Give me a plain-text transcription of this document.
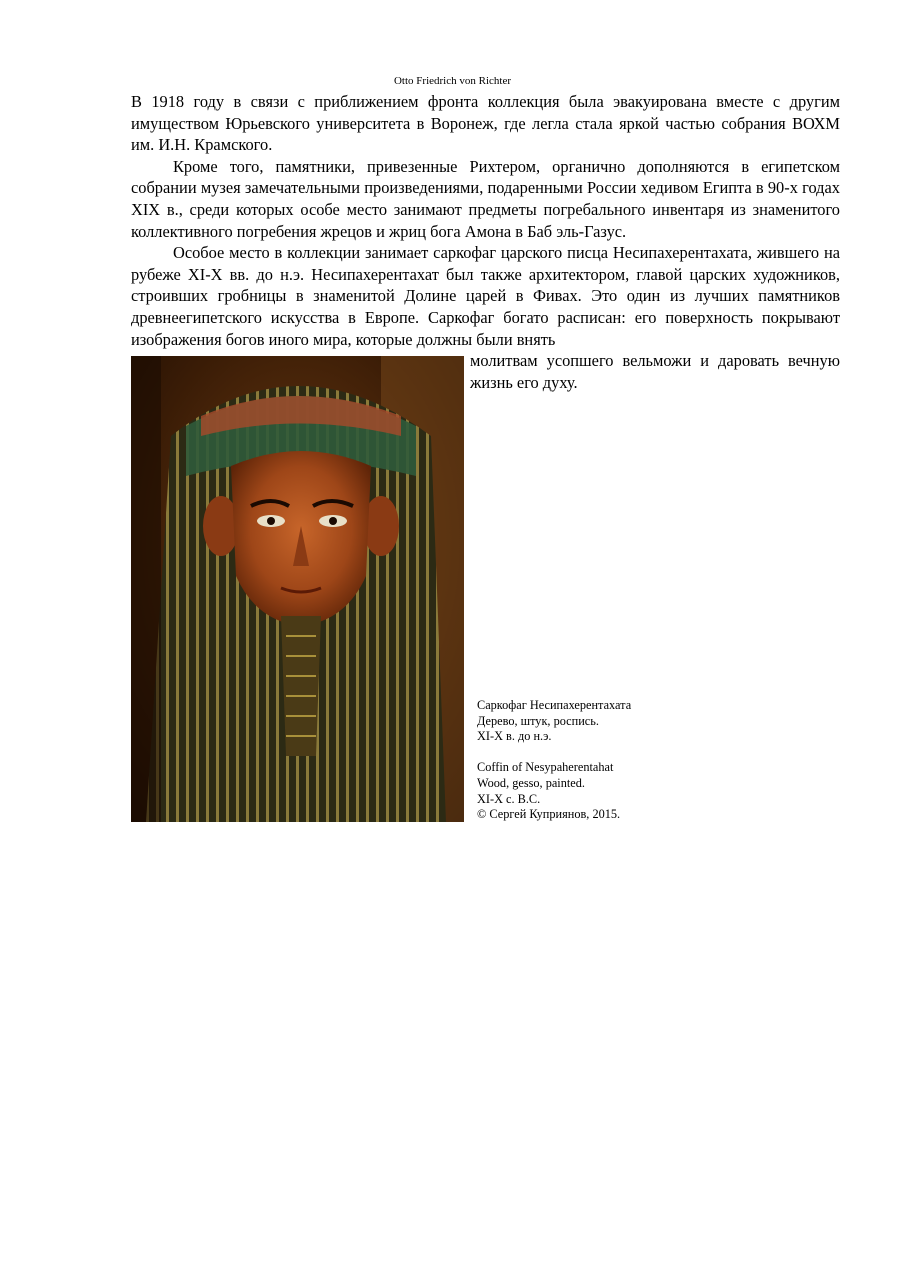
Otto Friedrich von Richter

В 1918 году в связи с приближением фронта коллекция была эвакуирована вместе с другим имуществом Юрьевского университета в Воронеж, где легла стала яркой частью собрания ВОХМ им. И.Н. Крамского.

Кроме того, памятники, привезенные Рихтером, органично дополняются в египетском собрании музея замечательными произведениями, подаренными России хедивом Египта в 90-х годах XIX в., среди которых особе место занимают предметы погребального инвентаря из знаменитого коллективного погребения жрецов и жриц бога Амона в Баб эль-Газус.

Особое место в коллекции занимает саркофаг царского писца Несипахерентахата, жившего на рубеже XI-X вв. до н.э. Несипахерентахат был также архитектором, главой царских художников, строивших гробницы в знаменитой Долине царей в Фивах. Это один из лучших памятников древнеегипетского искусства в Европе. Саркофаг богато расписан: его поверхность покрывают изображения богов иного мира, которые должны были внять

молитвам усопшего вельможи и даровать вечную жизнь его духу.

Саркофаг Несипахерентахата
Дерево, штук, роспись.
XI-X в. до н.э.
Coffin of Nesypaherentahat
Wood, gesso, painted.
XI-X c. B.C.
© Сергей Куприянов, 2015.
